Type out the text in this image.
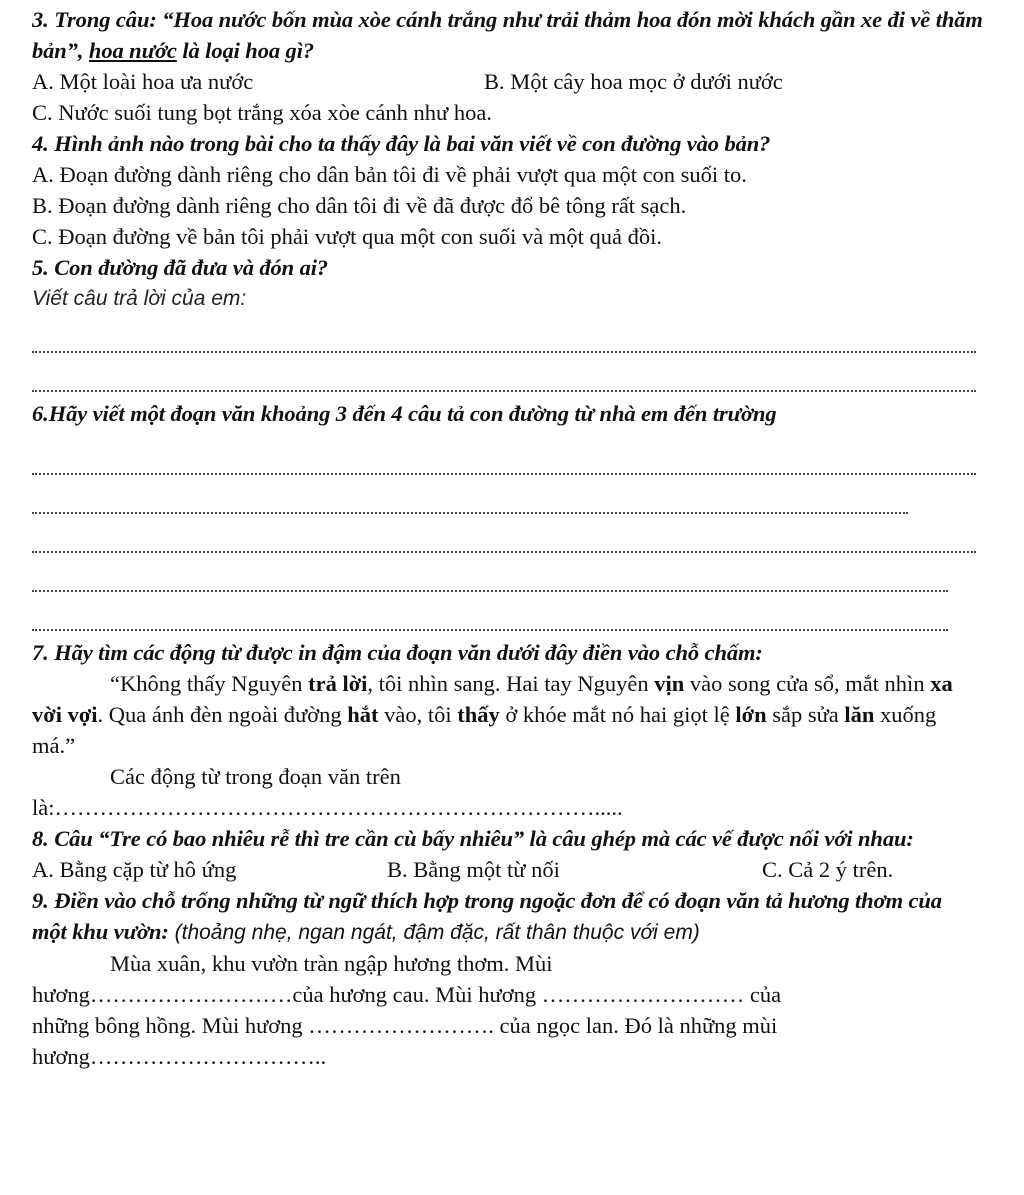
3. Trong câu: “Hoa nước bốn mùa xòe cánh trắng như trải thảm hoa đón mời khách gần xe đi về thăm bản”, hoa nước là loại hoa gì?

A. Một loài hoa ưa nước	B. Một cây hoa mọc ở dưới nước

C. Nước suối tung bọt trắng xóa xòe cánh như hoa.

4. Hình ảnh nào trong bài cho ta thấy đây là bai văn viết về con đường vào bản?

A. Đoạn đường dành riêng cho dân bản tôi đi về phải vượt qua một con suối to.

B. Đoạn đường dành riêng cho dân tôi đi về đã được đổ bê tông rất sạch.

C. Đoạn đường về bản tôi phải vượt qua một con suối và một quả đồi.

5. Con đường đã đưa và đón ai?

Viết câu trả lời của em:

6.Hãy viết một đoạn văn khoảng 3 đến 4 câu tả con đường từ nhà em đến trường

7. Hãy tìm các động từ được in đậm của đoạn văn dưới đây điền vào chỗ chấm:

“Không thấy Nguyên trả lời, tôi nhìn sang. Hai tay Nguyên vịn vào song cửa sổ, mắt nhìn xa vời vợi. Qua ánh đèn ngoài đường hắt vào, tôi thấy ở khóe mắt nó hai giọt lệ lớn sắp sửa lăn xuống má.”

Các động từ trong đoạn văn trên

là:……………………………………………………………….....

8. Câu “Tre có bao nhiêu rễ thì tre cần cù bấy nhiêu” là câu ghép mà các vế được nối với nhau:

A. Bằng cặp từ hô ứng	B. Bằng một từ nối	C. Cả 2 ý trên.

9. Điền vào chỗ trống những từ ngữ thích hợp trong ngoặc đơn để có đoạn văn tả hương thơm của một khu vườn: (thoảng nhẹ, ngan ngát, đậm đặc, rất thân thuộc với em)

Mùa xuân, khu vườn tràn ngập hương thơm. Mùi

hương………………………của hương cau. Mùi hương ……………………… của

những bông hồng. Mùi hương ……………………. của ngọc lan. Đó là những mùi

hương…………………………..
